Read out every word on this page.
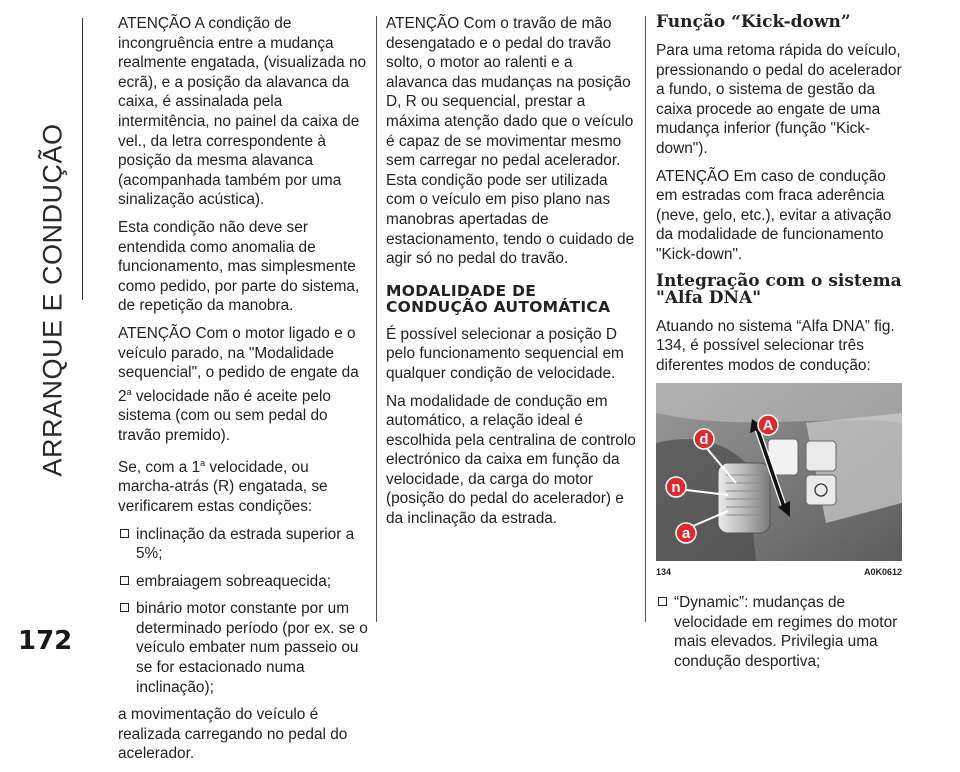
ARRANQUE E CONDUÇÃO
172

ATENÇÃO A condição de incongruência entre a mudança realmente engatada, (visualizada no ecrã), e a posição da alavanca da caixa, é assinalada pela intermitência, no painel da caixa de vel., da letra correspondente à posição da mesma alavanca (acompanhada também por uma sinalização acústica).

Esta condição não deve ser entendida como anomalia de funcionamento, mas simplesmente como pedido, por parte do sistema, de repetição da manobra.

ATENÇÃO Com o motor ligado e o veículo parado, na "Modalidade sequencial", o pedido de engate da 2$^a$ velocidade não é aceite pelo sistema (com ou sem pedal do travão premido).

Se, com a 1$^a$ velocidade, ou marcha-atrás (R) engatada, se verificarem estas condições:

inclinação da estrada superior a 5%;

embraiagem sobreaquecida;

binário motor constante por um determinado período (por ex. se o veículo embater num passeio ou se for estacionado numa inclinação);

a movimentação do veículo é realizada carregando no pedal do acelerador.

ATENÇÃO Com o travão de mão desengatado e o pedal do travão solto, o motor ao ralenti e a alavanca das mudanças na posição D, R ou sequencial, prestar a máxima atenção dado que o veículo é capaz de se movimentar mesmo sem carregar no pedal acelerador. Esta condição pode ser utilizada com o veículo em piso plano nas manobras apertadas de estacionamento, tendo o cuidado de agir só no pedal do travão.

MODALIDADE DE CONDUÇÃO AUTOMÁTICA

É possível selecionar a posição D pelo funcionamento sequencial em qualquer condição de velocidade.

Na modalidade de condução em automático, a relação ideal é escolhida pela centralina de controlo electrónico da caixa em função da velocidade, da carga do motor (posição do pedal do acelerador) e da inclinação da estrada.

Função “Kick-down”

Para uma retoma rápida do veículo, pressionando o pedal do acelerador a fundo, o sistema de gestão da caixa procede ao engate de uma mudança inferior (função "Kick-down").

ATENÇÃO Em caso de condução em estradas com fraca aderência (neve, gelo, etc.), evitar a ativação da modalidade de funcionamento "Kick-down".

Integração com o sistema "Alfa DNA"

Atuando no sistema “Alfa DNA” fig. 134, é possível selecionar três diferentes modos de condução:

d
n
a
A
134	A0K0612

“Dynamic”: mudanças de velocidade em regimes do motor mais elevados. Privilegia uma condução desportiva;
